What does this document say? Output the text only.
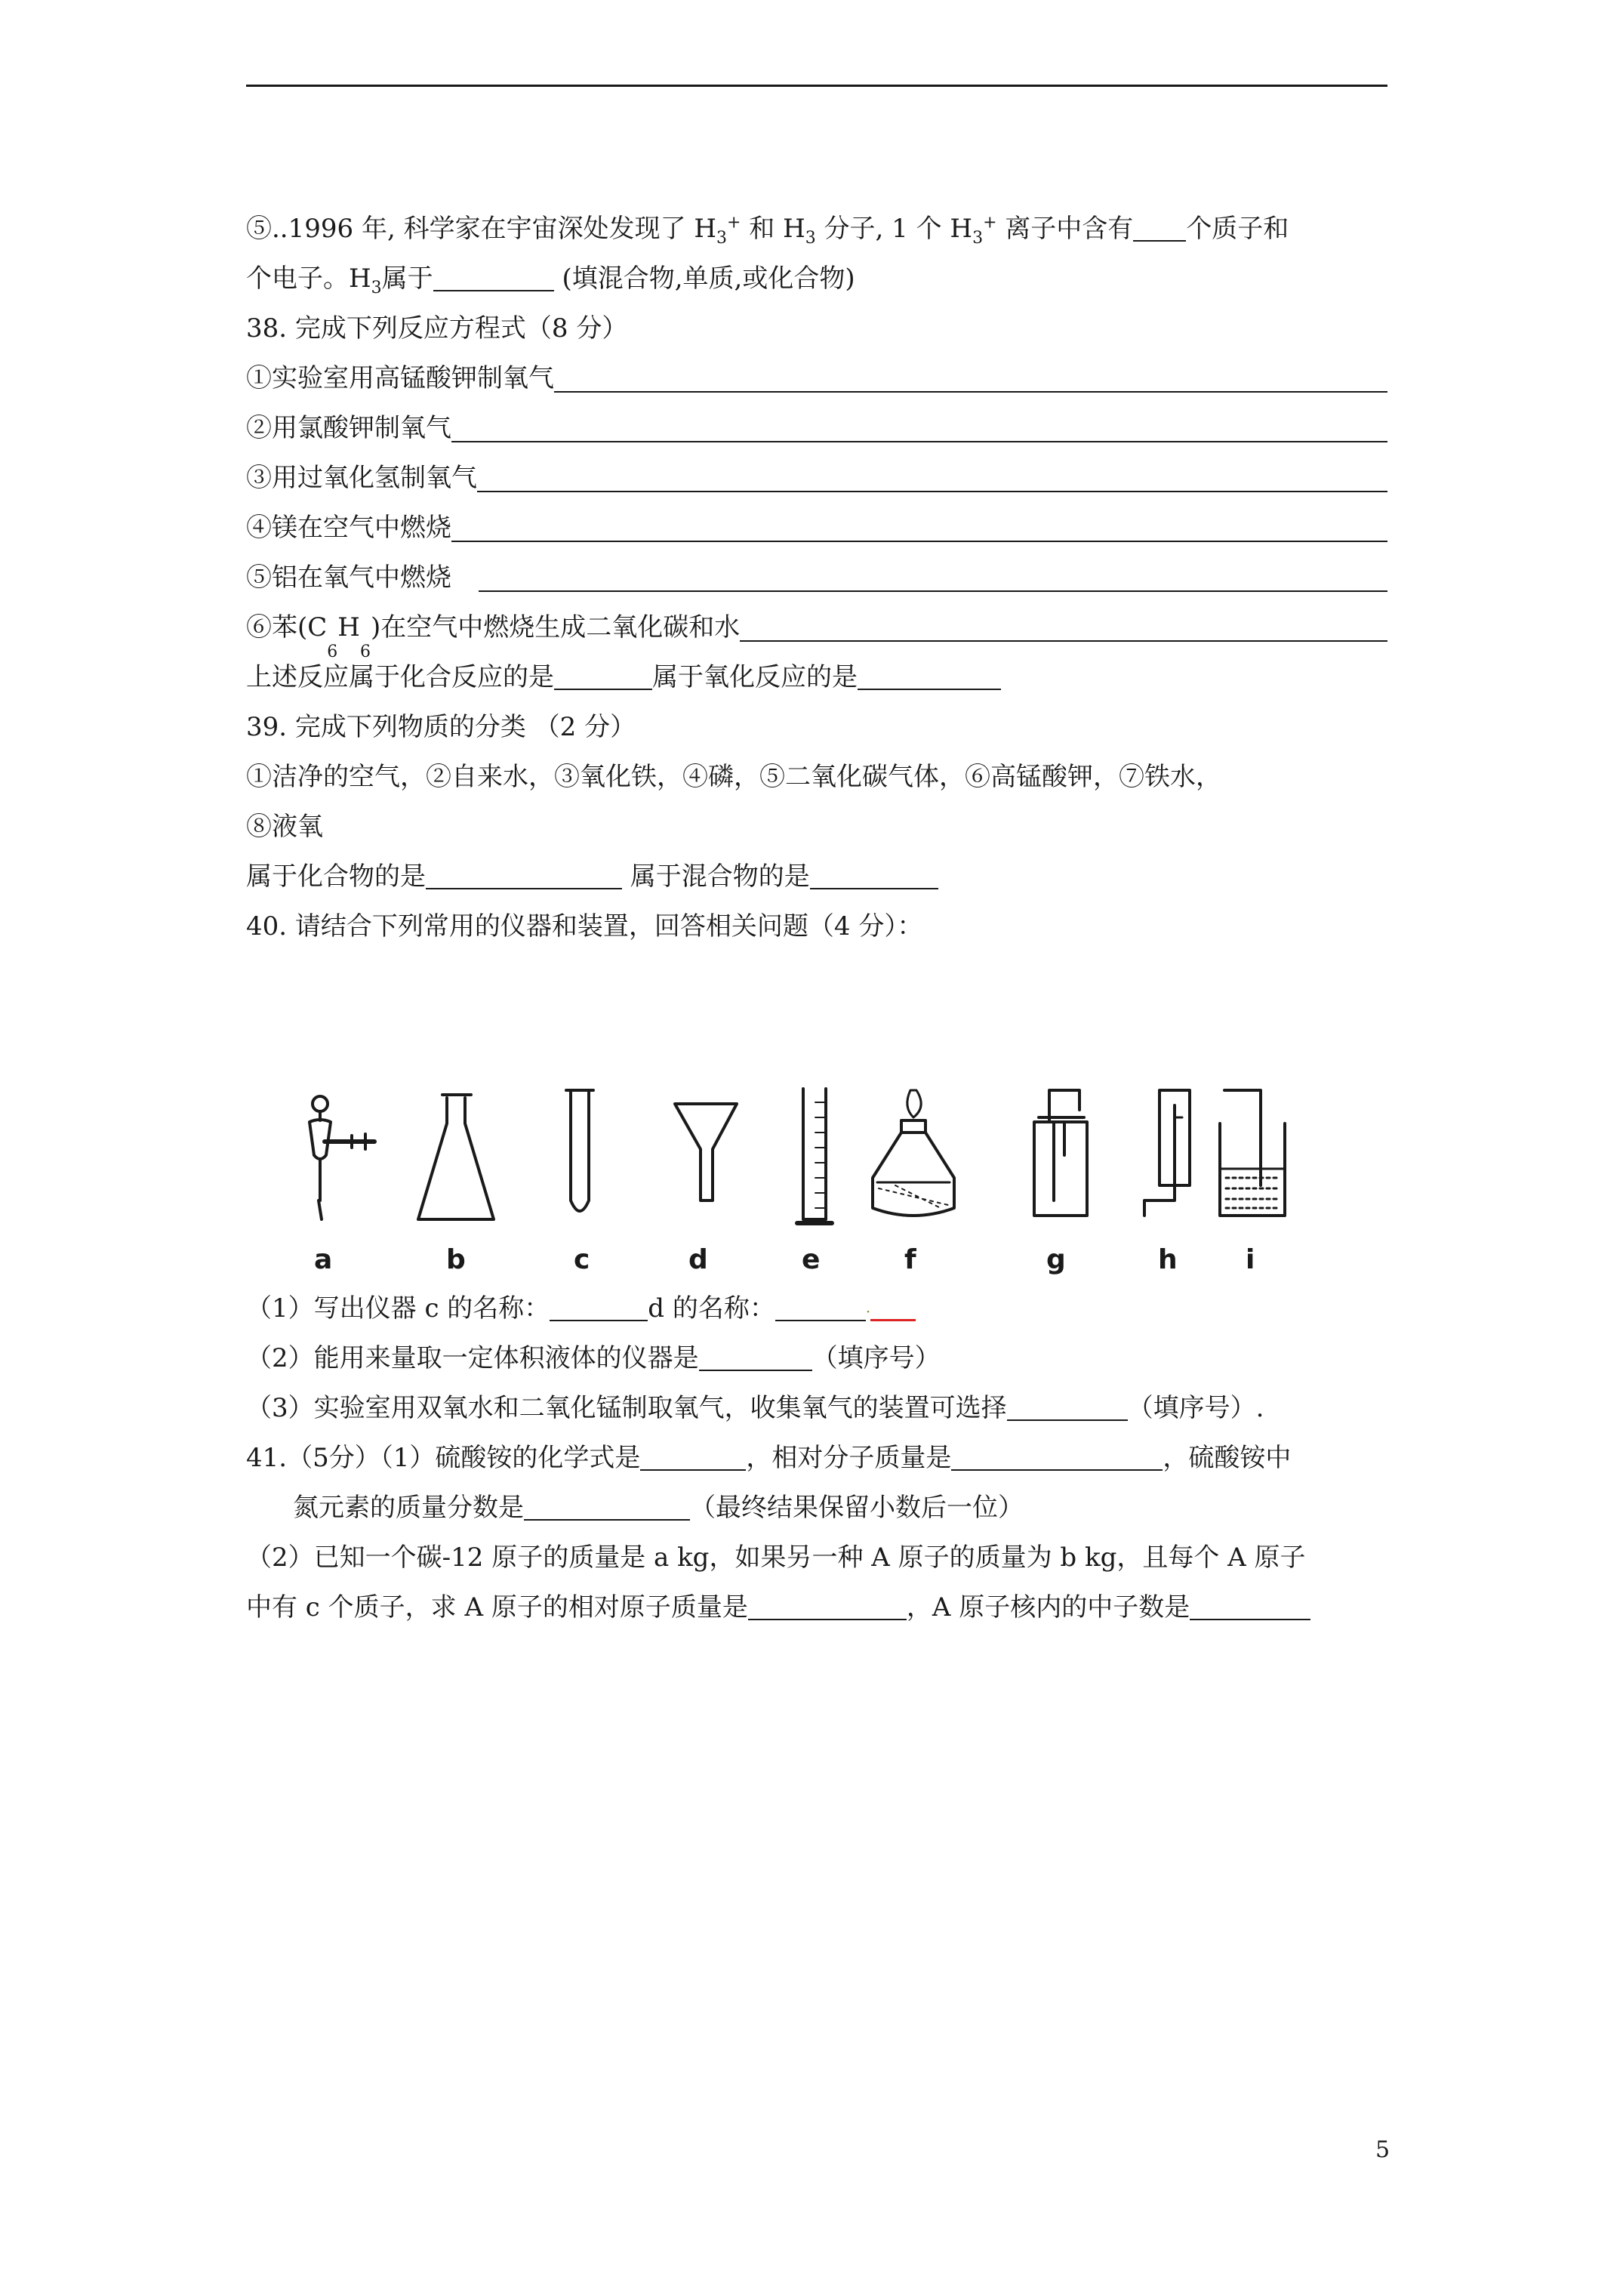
⑤..1996 年, 科学家在宇宙深处发现了 $H_3^+$ 和 $H_3$ 分子, 1 个 $H_3^+$ 离子中含有 个质子和
个电子。$H_3$属于	(填混合物,单质,或化合物)
38. 完成下列反应方程式（8 分）
①实验室用高锰酸钾制氧气
②用氯酸钾制氧气
③用过氧化氢制氧气
④镁在空气中燃烧
⑤铝在氧气中燃烧
⑥苯(C
6
H
6
)在空气中燃烧生成二氧化碳和水
上述反应属于化合反应的是	属于氧化反应的是
39. 完成下列物质的分类 （2 分）
①洁净的空气，②自来水，③氧化铁，④磷，⑤二氧化碳气体，⑥高锰酸钾，⑦铁水，
⑧液氧
属于化合物的是	属于混合物的是
40. 请结合下列常用的仪器和装置，回答相关问题（4 分）：
a	b	c	d	e	f	g	h	i
（1）写出仪器 c 的名称：	d 的名称：	·
（2）能用来量取一定体积液体的仪器是	（填序号）
（3）实验室用双氧水和二氧化锰制取氧气，收集氧气的装置可选择	（填序号）.
41.（5分）（1）硫酸铵的化学式是	，相对分子质量是	，硫酸铵中
氮元素的质量分数是	（最终结果保留小数后一位）
（2）已知一个碳-12 原子的质量是 a kg，如果另一种 A 原子的质量为 b kg，且每个 A 原子
中有 c 个质子，求 A 原子的相对原子质量是	，A 原子核内的中子数是
5
